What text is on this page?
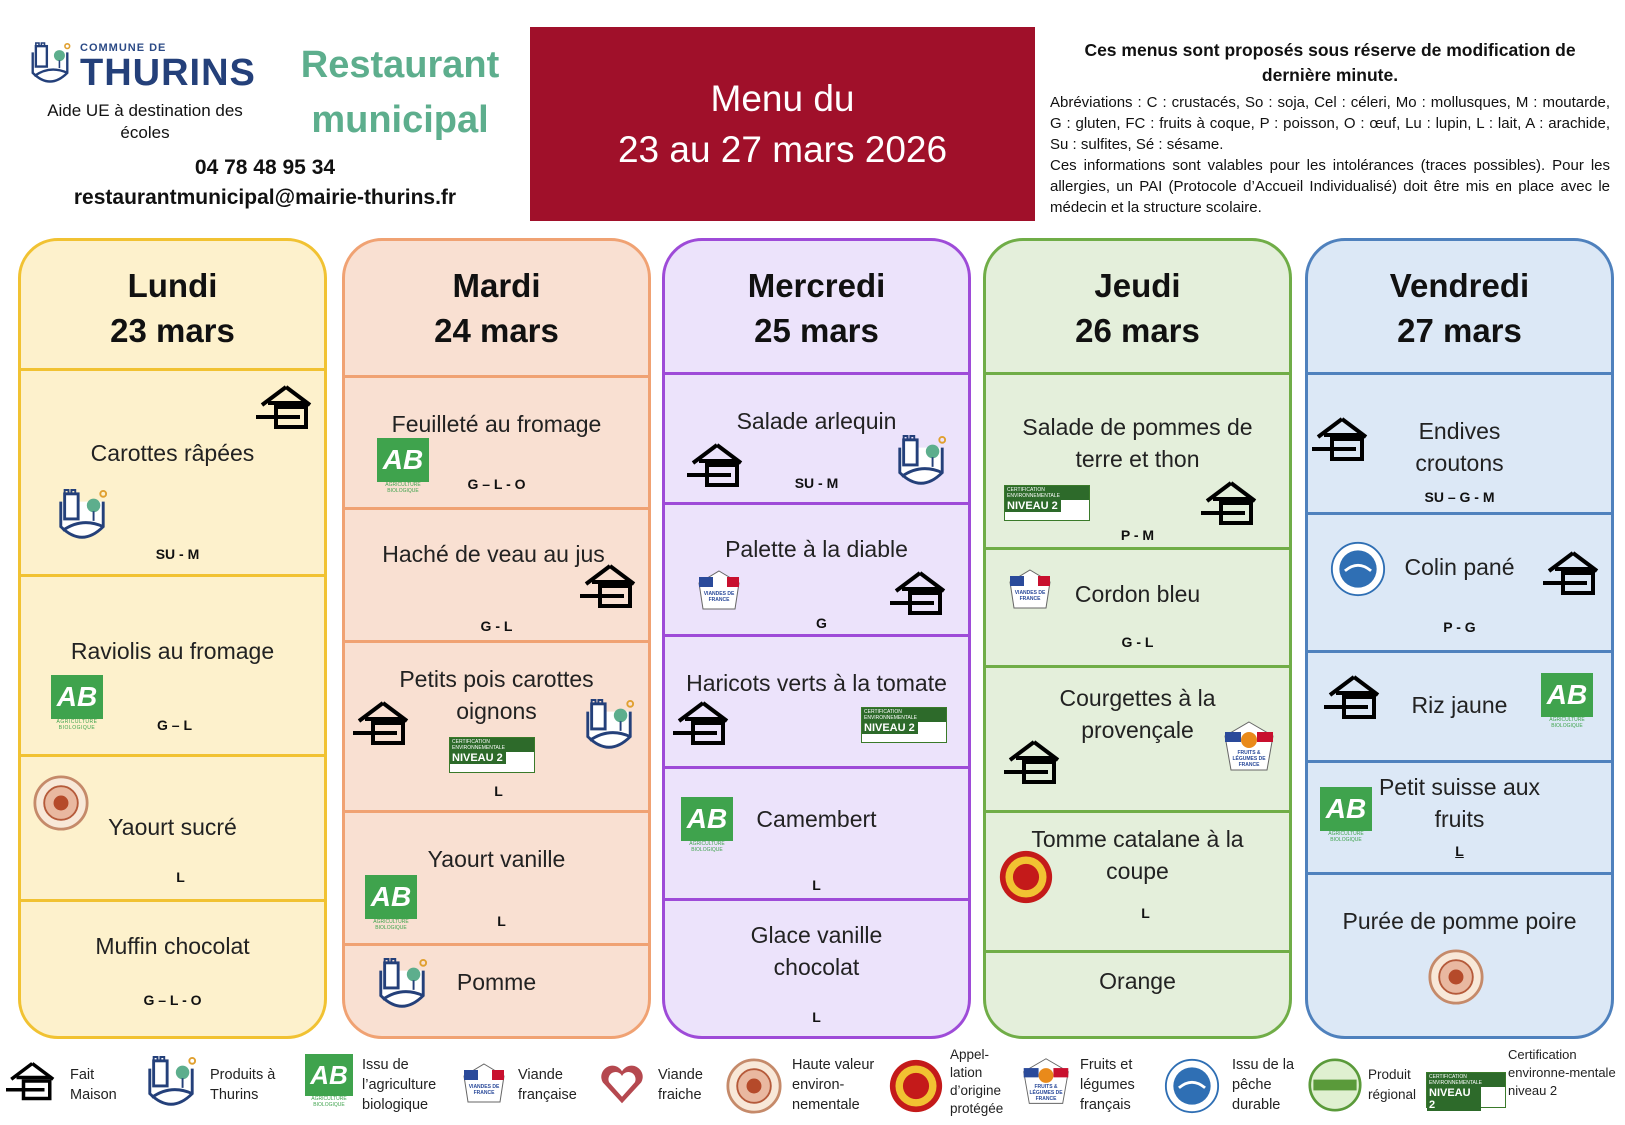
COMMUNE DE
THURINS
Aide UE à destination des écoles
Restaurant
municipal
04 78 48 95 34
restaurantmunicipal@mairie-thurins.fr
Menu du
23 au 27 mars 2026
Ces menus sont proposés sous réserve de modification de dernière minute.

Abréviations : C : crustacés, So : soja, Cel : céleri, Mo : mollusques, M : moutarde, G : gluten, FC : fruits à coque, P : poisson, O : œuf, Lu : lupin, L : lait, A : arachide, Su : sulfites, Sé : sésame.

Ces informations sont valables pour les intolérances (traces possibles). Pour les allergies, un PAI (Protocole d’Accueil Individualisé) doit être mis en place avec le médecin et la structure scolaire.

Lundi
23 mars
Carottes râpées
SU - M
Raviolis au fromage
AB
AGRICULTURE BIOLOGIQUE	G – L
Yaourt sucré
L
Muffin chocolat
G – L - O
Mardi
24 mars
Feuilleté au fromage
AB
AGRICULTURE BIOLOGIQUE	G – L - O
Haché de veau au jus
G - L
Petits pois carottes oignons
CERTIFICATION ENVIRONNEMENTALE
NIVEAU 2
L
Yaourt vanille
AB
AGRICULTURE BIOLOGIQUE	L
Pomme
Mercredi
25 mars
Salade arlequin
SU - M
Palette à la diable
VIANDES DE FRANCE
G
Haricots verts à la tomate
CERTIFICATION ENVIRONNEMENTALE
NIVEAU 2
AB
AGRICULTURE BIOLOGIQUE
Camembert
L
Glace vanille chocolat
L
Jeudi
26 mars
Salade de pommes de terre et thon
CERTIFICATION ENVIRONNEMENTALE
NIVEAU 2
P - M
VIANDES DE FRANCE	Cordon bleu
G - L
Courgettes à la provençale
FRUITS & LÉGUMES DE FRANCE
Tomme catalane à la coupe
L
Orange
Vendredi
27 mars
Endives croutons
SU – G - M
Colin pané
P - G
Riz jaune	AB
AGRICULTURE BIOLOGIQUE
AB
AGRICULTURE BIOLOGIQUE
Petit suisse aux fruits
L
Purée de pomme poire
Fait Maison
Produits à Thurins
AB
AGRICULTURE BIOLOGIQUE
Issu de l’agriculture biologique
VIANDES DE FRANCE
Viande française
Viande fraiche
Haute valeur environ-nementale
Appel-lation d’origine protégée
FRUITS & LÉGUMES DE FRANCE
Fruits et légumes français
Issu de la pêche durable
Produit régional
CERTIFICATION ENVIRONNEMENTALE
NIVEAU 2
Certification environne-mentale niveau 2
